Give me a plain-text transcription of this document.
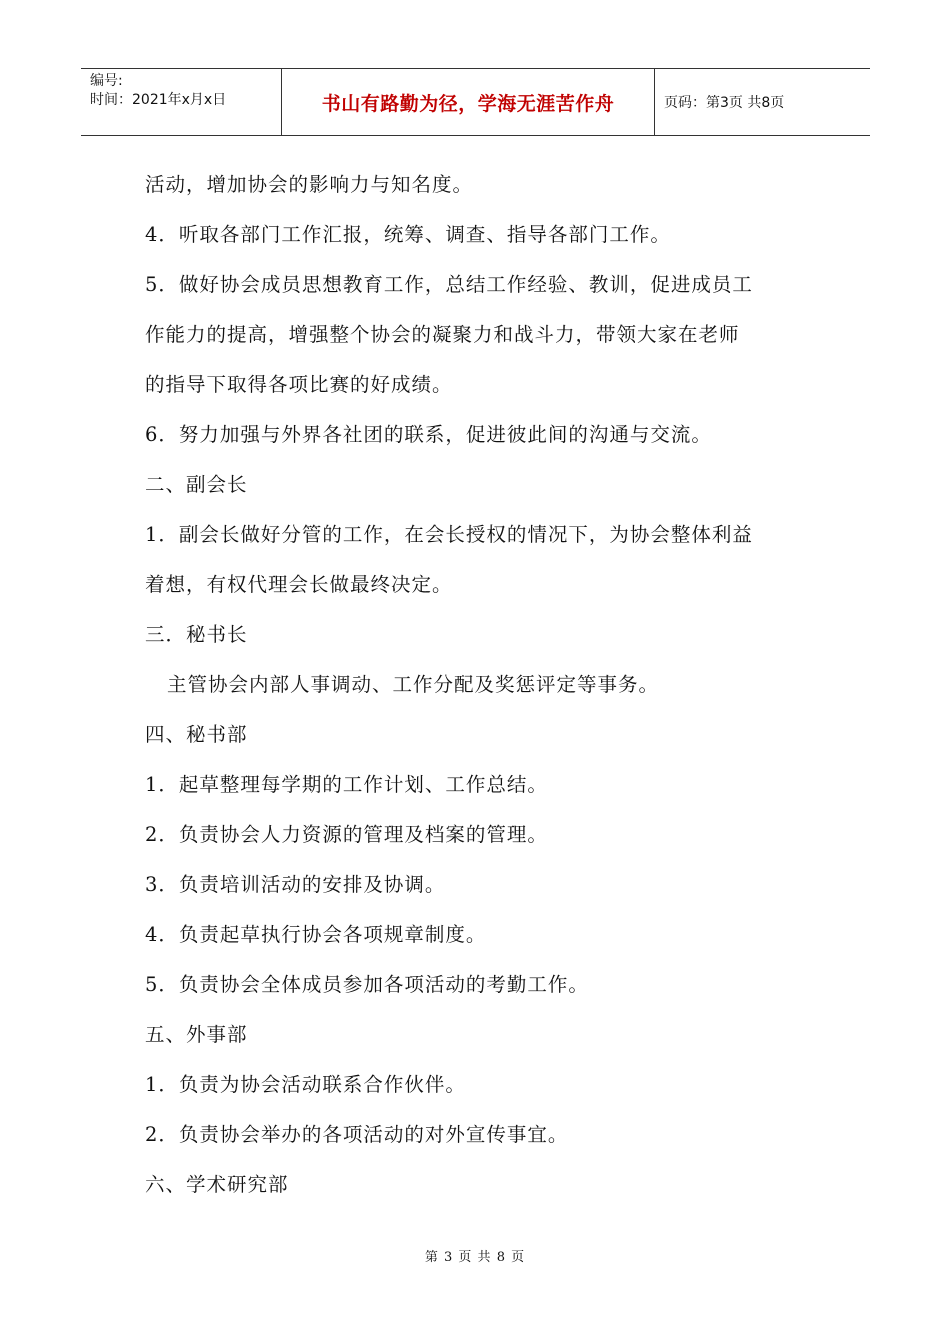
编号:
时间：2021年x月x日	书山有路勤为径，学海无涯苦作舟	页码：第3页 共8页
活动，增加协会的影响力与知名度。
4．听取各部门工作汇报，统筹、调查、指导各部门工作。
5．做好协会成员思想教育工作，总结工作经验、教训，促进成员工
作能力的提高，增强整个协会的凝聚力和战斗力，带领大家在老师
的指导下取得各项比赛的好成绩。
6．努力加强与外界各社团的联系，促进彼此间的沟通与交流。
二、副会长
1．副会长做好分管的工作，在会长授权的情况下，为协会整体利益
着想，有权代理会长做最终决定。
三．秘书长
主管协会内部人事调动、工作分配及奖惩评定等事务。
四、秘书部
1．起草整理每学期的工作计划、工作总结。
2．负责协会人力资源的管理及档案的管理。
3．负责培训活动的安排及协调。
4．负责起草执行协会各项规章制度。
5．负责协会全体成员参加各项活动的考勤工作。
五、外事部
1．负责为协会活动联系合作伙伴。
2．负责协会举办的各项活动的对外宣传事宜。
六、学术研究部
第 3 页 共 8 页
